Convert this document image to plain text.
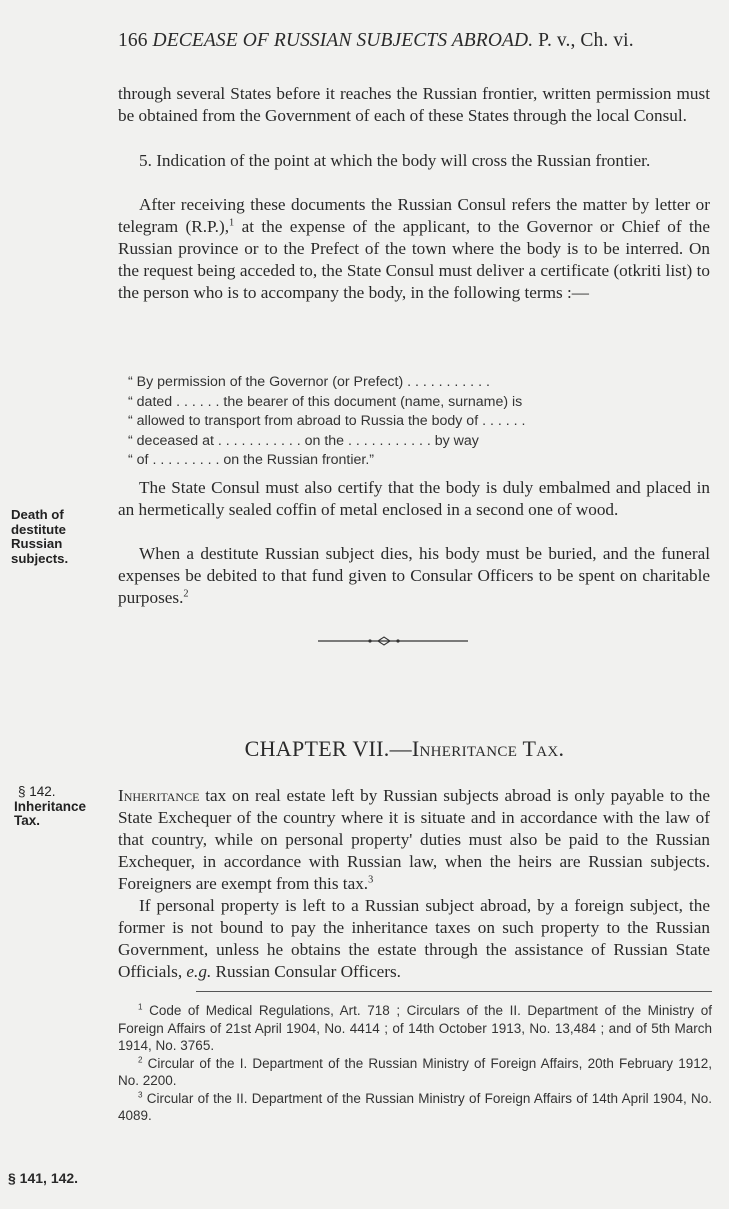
166 DECEASE OF RUSSIAN SUBJECTS ABROAD. P. v., Ch. vi.

through several States before it reaches the Russian frontier, written permission must be obtained from the Government of each of these States through the local Consul.

5. Indication of the point at which the body will cross the Russian frontier.

After receiving these documents the Russian Consul refers the matter by letter or telegram (R.P.),$^1$ at the expense of the applicant, to the Governor or Chief of the Russian province or to the Prefect of the town where the body is to be interred. On the request being acceded to, the State Consul must deliver a certificate (otkriti list) to the person who is to accompany the body, in the following terms :—

“ By permission of the Governor (or Prefect) . . . . . . . . . . .
“ dated . . . . . . the bearer of this document (name, surname) is
“ allowed to transport from abroad to Russia the body of . . . . . .
“ deceased at . . . . . . . . . . . on the . . . . . . . . . . . by way
“ of . . . . . . . . . on the Russian frontier.”

The State Consul must also certify that the body is duly embalmed and placed in an hermetically sealed coffin of metal enclosed in a second one of wood.

Death of
destitute
Russian
subjects.	When a destitute Russian subject dies, his body must be buried, and the funeral expenses be debited to that fund given to Consular Officers to be spent on charitable purposes.$^2$

CHAPTER VII.—Inheritance Tax.
§ 142.
Inheritance
Tax.

Inheritance tax on real estate left by Russian subjects abroad is only payable to the State Exchequer of the country where it is situate and in accordance with the law of that country, while on personal property' duties must also be paid to the Russian Exchequer, in accordance with Russian law, when the heirs are Russian subjects. Foreigners are exempt from this tax.$^3$

If personal property is left to a Russian subject abroad, by a foreign subject, the former is not bound to pay the inheritance taxes on such property to the Russian Government, unless he obtains the estate through the assistance of Russian State Officials, e.g. Russian Consular Officers.

$^1$ Code of Medical Regulations, Art. 718 ; Circulars of the II. Department of the Ministry of Foreign Affairs of 21st April 1904, No. 4414 ; of 14th October 1913, No. 13,484 ; and of 5th March 1914, No. 3765.

$^2$ Circular of the I. Department of the Russian Ministry of Foreign Affairs, 20th February 1912, No. 2200.

$^3$ Circular of the II. Department of the Russian Ministry of Foreign Affairs of 14th April 1904, No. 4089.

§ 141, 142.
